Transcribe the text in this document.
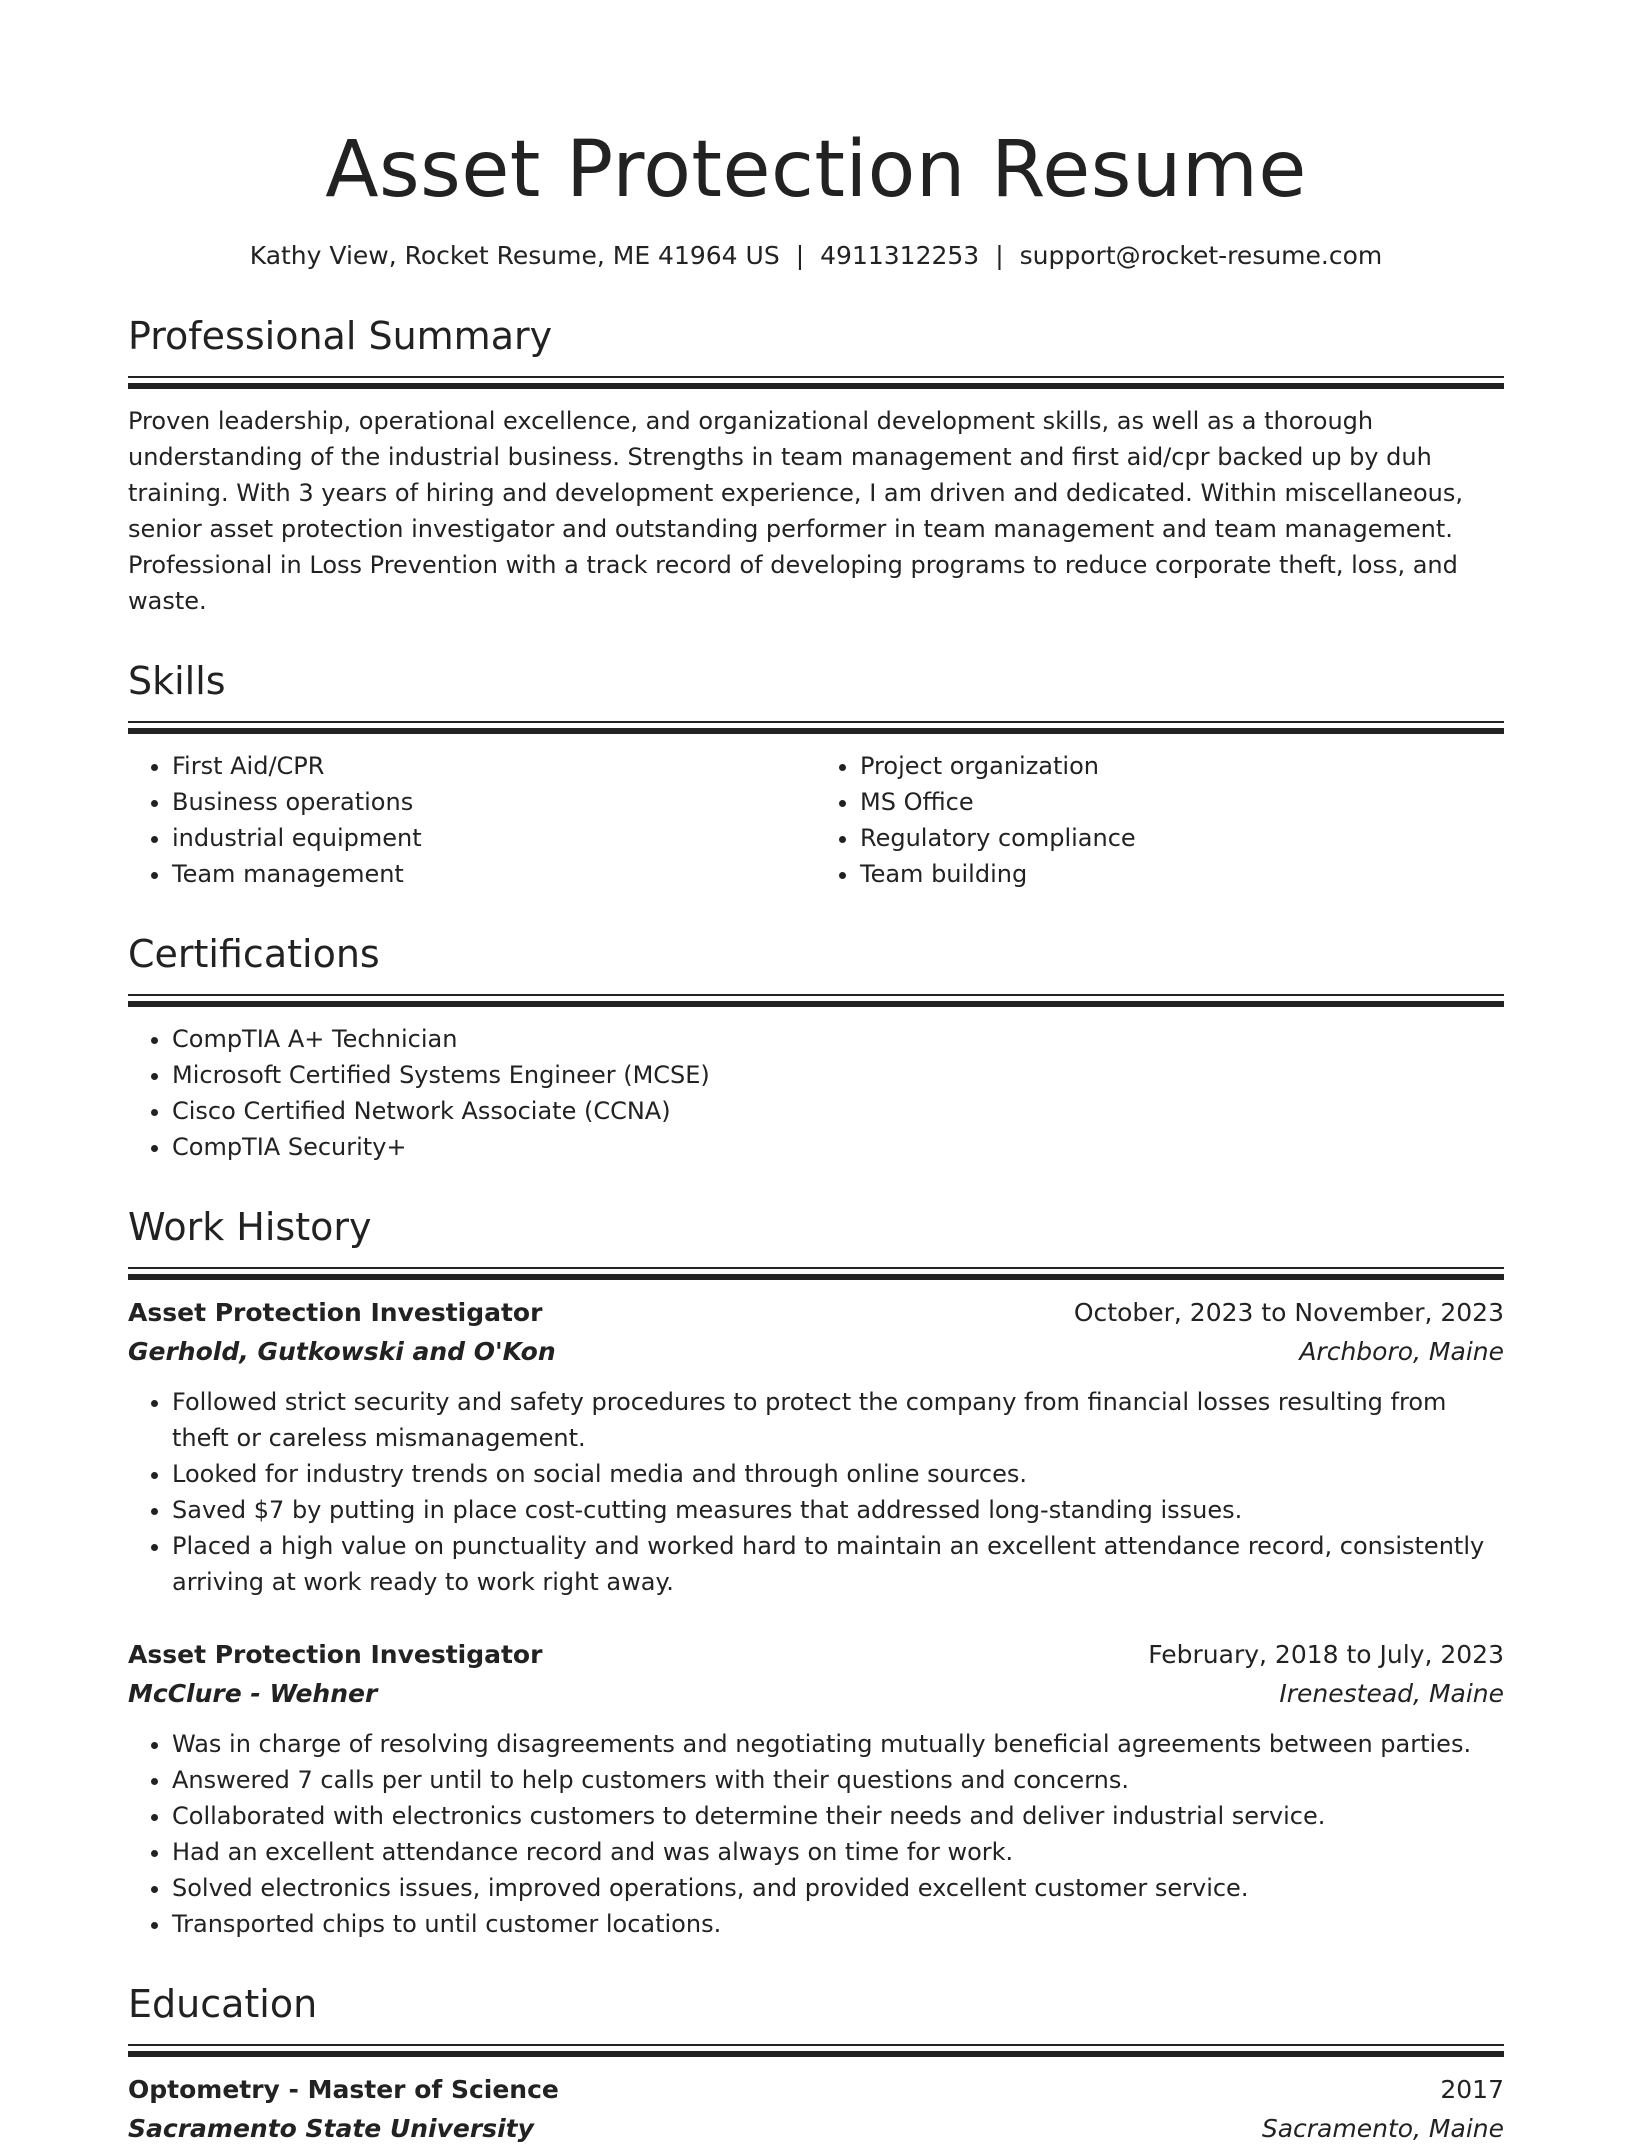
Asset Protection Resume
Kathy View, Rocket Resume, ME 41964 US | 4911312253 | support@rocket-resume.com
Professional Summary

Proven leadership, operational excellence, and organizational development skills, as well as a thorough understanding of the industrial business. Strengths in team management and first aid/cpr backed up by duh training. With 3 years of hiring and development experience, I am driven and dedicated. Within miscellaneous, senior asset protection investigator and outstanding performer in team management and team management. Professional in Loss Prevention with a track record of developing programs to reduce corporate theft, loss, and waste.

Skills
• First Aid/CPR
• Business operations
• industrial equipment
• Team management
• Project organization
• MS Office
• Regulatory compliance
• Team building
Certifications
• CompTIA A+ Technician
• Microsoft Certified Systems Engineer (MCSE)
• Cisco Certified Network Associate (CCNA)
• CompTIA Security+
Work History
Asset Protection Investigator	October, 2023 to November, 2023
Gerhold, Gutkowski and O'Kon	Archboro, Maine
• Followed strict security and safety procedures to protect the company from financial losses resulting from theft or careless mismanagement.
• Looked for industry trends on social media and through online sources.
• Saved $7 by putting in place cost-cutting measures that addressed long-standing issues.
• Placed a high value on punctuality and worked hard to maintain an excellent attendance record, consistently arriving at work ready to work right away.
Asset Protection Investigator	February, 2018 to July, 2023
McClure - Wehner	Irenestead, Maine
• Was in charge of resolving disagreements and negotiating mutually beneficial agreements between parties.
• Answered 7 calls per until to help customers with their questions and concerns.
• Collaborated with electronics customers to determine their needs and deliver industrial service.
• Had an excellent attendance record and was always on time for work.
• Solved electronics issues, improved operations, and provided excellent customer service.
• Transported chips to until customer locations.
Education
Optometry - Master of Science	2017
Sacramento State University	Sacramento, Maine
